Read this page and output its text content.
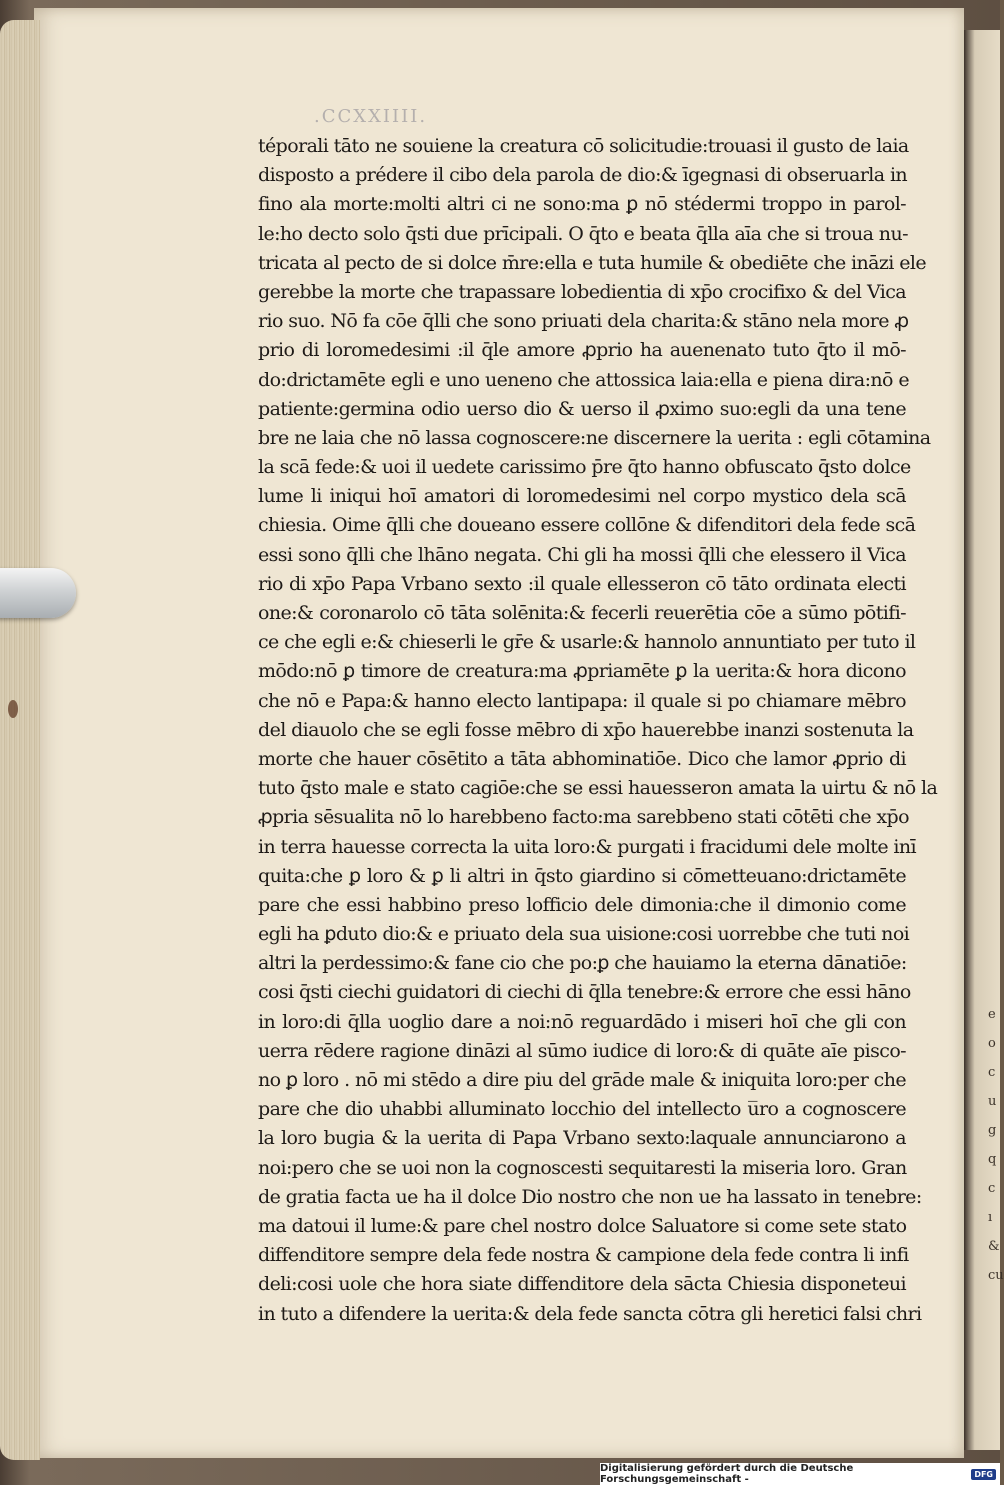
e
o
c
u
g
q
c
ı
&
cu
.CCXXIIII.
téporali tāto ne souiene la creatura cō solicitudie:trouasi il gusto de laia
disposto a prédere il cibo dela parola de dio:& īgegnasi di obseruarla in
fino ala morte:molti altri ci ne sono:ma ꝑ nō stédermi troppo in parol-
le:ho decto solo q̄sti due prīcipali. O q̄to e beata q̄lla aīa che si troua nu-
tricata al pecto de si dolce m̄re:ella e tuta humile & obediēte che ināzi ele
gerebbe la morte che trapassare lobedientia di xp̄o crocifixo & del Vica
rio suo. Nō fa cōe q̄lli che sono priuati dela charita:& stāno nela more ꝓ
prio di loromedesimi :il q̄le amore ꝓprio ha auenenato tuto q̄to il mō-
do:drictamēte egli e uno ueneno che attossica laia:ella e piena dira:nō e
patiente:germina odio uerso dio & uerso il ꝓximo suo:egli da una tene
bre ne laia che nō lassa cognoscere:ne discernere la uerita : egli cōtamina
la scā fede:& uoi il uedete carissimo p̄re q̄to hanno obfuscato q̄sto dolce
lume li iniqui hoī amatori di loromedesimi nel corpo mystico dela scā
chiesia. Oime q̄lli che doueano essere collōne & difenditori dela fede scā
essi sono q̄lli che lhāno negata. Chi gli ha mossi q̄lli che elessero il Vica
rio di xp̄o Papa Vrbano sexto :il quale ellesseron cō tāto ordinata electi
one:& coronarolo cō tāta solēnita:& fecerli reuerētia cōe a sūmo pōtifi-
ce che egli e:& chieserli le gr̄e & usarle:& hannolo annuntiato per tuto il
mōdo:nō ꝑ timore de creatura:ma ꝓpriamēte ꝑ la uerita:& hora dicono
che nō e Papa:& hanno electo lantipapa: il quale si po chiamare mēbro
del diauolo che se egli fosse mēbro di xp̄o hauerebbe inanzi sostenuta la
morte che hauer cōsētito a tāta abhominatiōe. Dico che lamor ꝓprio di
tuto q̄sto male e stato cagiōe:che se essi hauesseron amata la uirtu & nō la
ꝓpria sēsualita nō lo harebbeno facto:ma sarebbeno stati cōtēti che xp̄o
in terra hauesse correcta la uita loro:& purgati i fracidumi dele molte inī
quita:che ꝑ loro & ꝑ li altri in q̄sto giardino si cōmetteuano:drictamēte
pare che essi habbino preso lofficio dele dimonia:che il dimonio come
egli ha ꝑduto dio:& e priuato dela sua uisione:cosi uorrebbe che tuti noi
altri la perdessimo:& fane cio che po:ꝑ che hauiamo la eterna dānatiōe:
cosi q̄sti ciechi guidatori di ciechi di q̄lla tenebre:& errore che essi hāno
in loro:di q̄lla uoglio dare a noi:nō reguardādo i miseri hoī che gli con
uerra rēdere ragione dināzi al sūmo iudice di loro:& di quāte aīe pisco-
no ꝑ loro . nō mi stēdo a dire piu del grāde male & iniquita loro:per che
pare che dio uhabbi alluminato locchio del intellecto u̅ro a cognoscere
la loro bugia & la uerita di Papa Vrbano sexto:laquale annunciarono a
noi:pero che se uoi non la cognoscesti sequitaresti la miseria loro. Gran
de gratia facta ue ha il dolce Dio nostro che non ue ha lassato in tenebre:
ma datoui il lume:& pare chel nostro dolce Saluatore si come sete stato
diffenditore sempre dela fede nostra & campione dela fede contra li infi
deli:cosi uole che hora siate diffenditore dela sācta Chiesia disponeteui
in tuto a difendere la uerita:& dela fede sancta cōtra gli heretici falsi chri
Digitalisierung gefördert durch die Deutsche Forschungsgemeinschaft -	DFG
